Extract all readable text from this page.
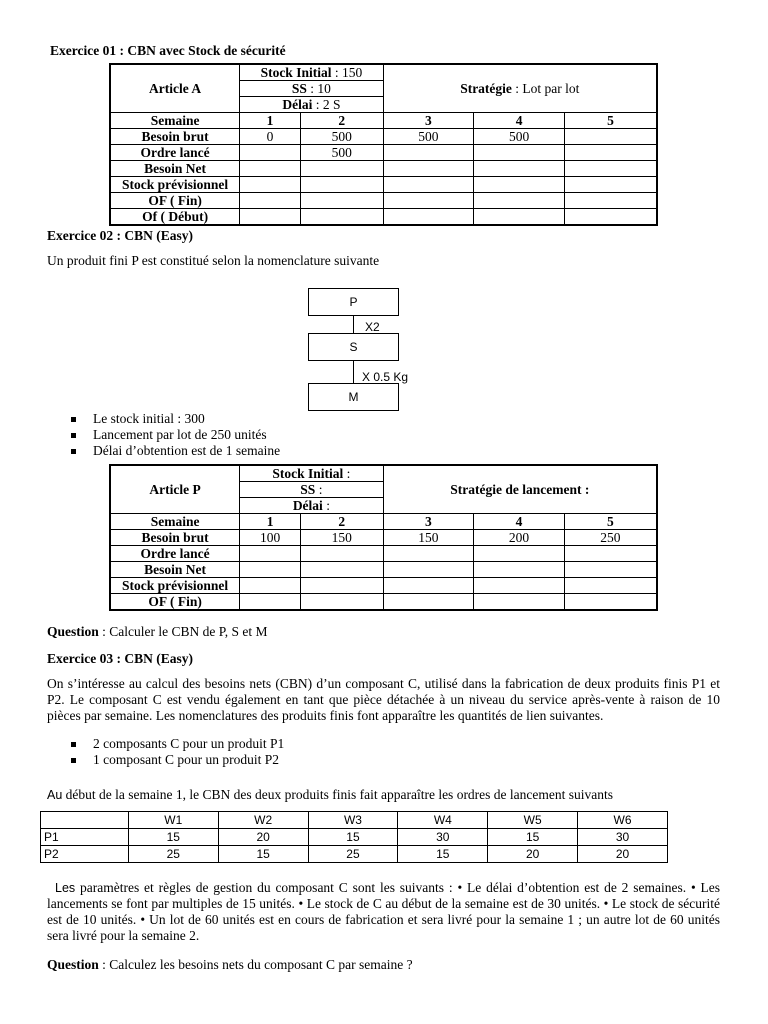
Exercice 01 : CBN avec Stock de sécurité
Article A	Stock Initial : 150		Stratégie : Lot par lot		
	SS : 10				
	Délai : 2 S				
Semaine	1	2	3	4	5
Besoin brut	0	500	500	500	
Ordre lancé		500			
Besoin Net					
Stock prévisionnel					
OF ( Fin)					
Of ( Début)					
Exercice 02 : CBN (Easy)
Un produit fini P est constitué selon la nomenclature suivante
P
X2
S
X 0.5 Kg
M
Le stock initial : 300
Lancement par lot de 250 unités
Délai d’obtention est de 1 semaine
Article P	Stock Initial :		Stratégie de lancement :		
	SS :				
	Délai :				
Semaine	1	2	3	4	5
Besoin brut	100	150	150	200	250
Ordre lancé					
Besoin Net					
Stock prévisionnel					
OF ( Fin)					
Question : Calculer le CBN de P, S et M
Exercice 03 : CBN (Easy)
On s’intéresse au calcul des besoins nets (CBN) d’un composant C, utilisé dans la fabrication de deux produits finis P1 et P2. Le composant C est vendu également en tant que pièce détachée à un niveau du service après-vente à raison de 10 pièces par semaine. Les nomenclatures des produits finis font apparaître les quantités de lien suivantes.
2 composants C pour un produit P1
1 composant C pour un produit P2
Au début de la semaine 1, le CBN des deux produits finis fait apparaître les ordres de lancement suivants
	W1	W2	W3	W4	W5	W6
P1	15	20	15	30	15	30
P2	25	15	25	15	20	20
Les paramètres et règles de gestion du composant C sont les suivants : • Le délai d’obtention est de 2 semaines. • Les lancements se font par multiples de 15 unités. • Le stock de C au début de la semaine est de 30 unités. • Le stock de sécurité est de 10 unités. • Un lot de 60 unités est en cours de fabrication et sera livré pour la semaine 1 ; un autre lot de 60 unités sera livré pour la semaine 2.
Question : Calculez les besoins nets du composant C par semaine ?
